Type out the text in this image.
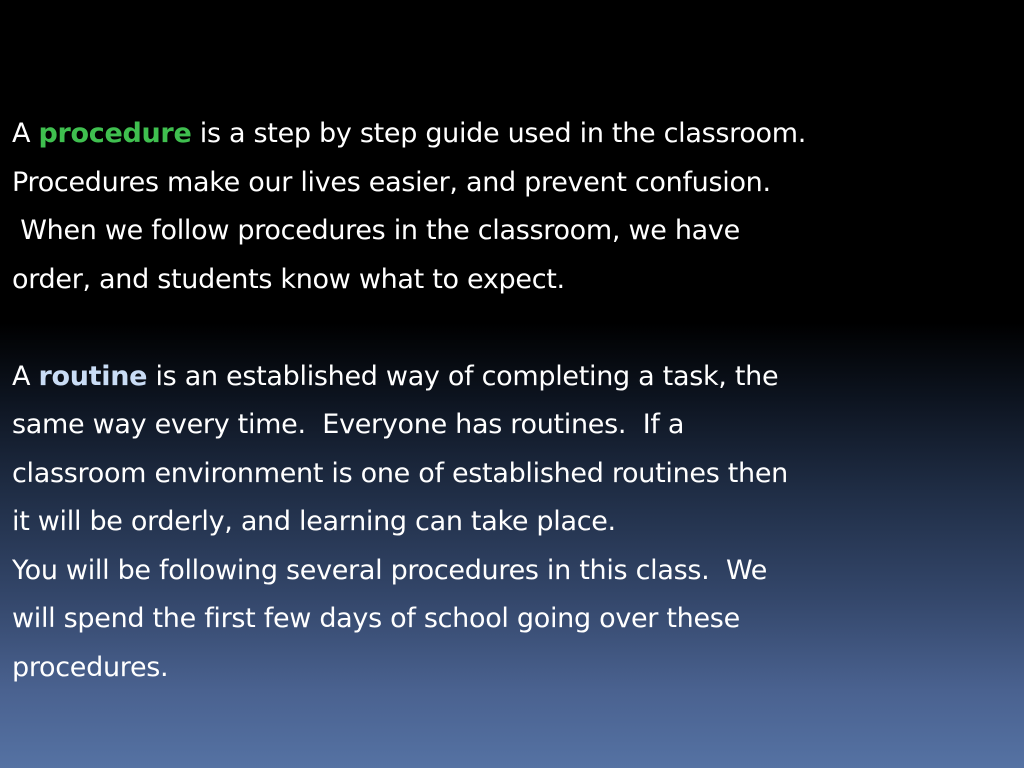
A procedure is a step by step guide used in the classroom.
Procedures make our lives easier, and prevent confusion.
When we follow procedures in the classroom, we have
order, and students know what to expect.
A routine is an established way of completing a task, the
same way every time.  Everyone has routines.  If a
classroom environment is one of established routines then
it will be orderly, and learning can take place.
You will be following several procedures in this class.  We
will spend the first few days of school going over these
procedures.
